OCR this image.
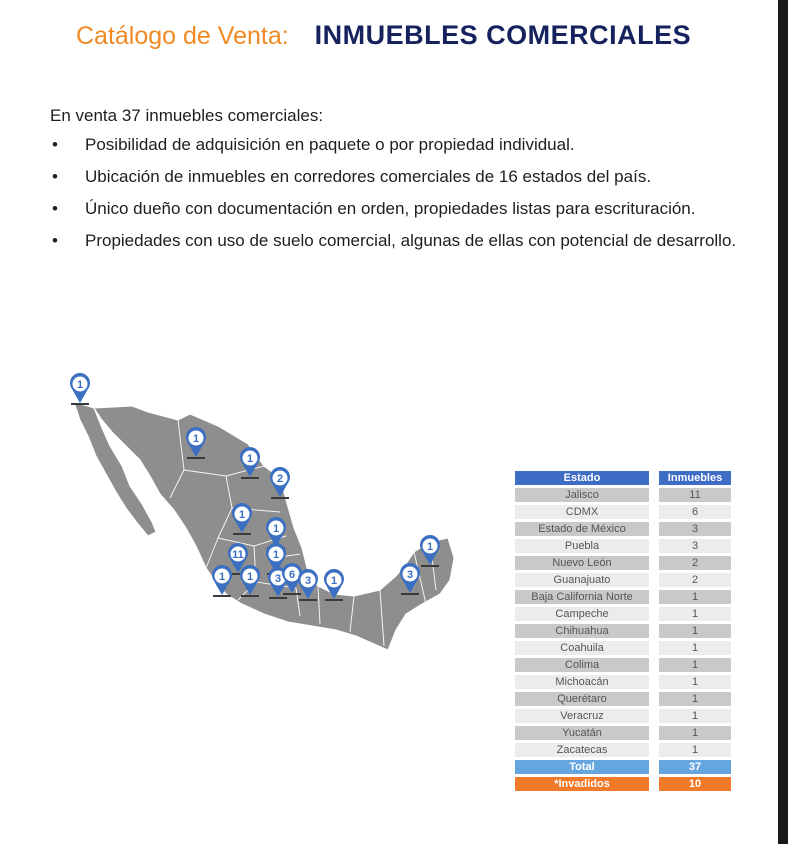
Catálogo de Venta: INMUEBLES COMERCIALES
En venta 37 inmuebles comerciales:
• Posibilidad de adquisición en paquete o por propiedad individual.
• Ubicación de inmuebles en corredores comerciales de 16 estados del país.
• Único dueño con documentación en orden, propiedades listas para escrituración.
• Propiedades con uso de suelo comercial, algunas de ellas con potencial de desarrollo.
1
1
1
2
1
1
11	1
1 1 3 6 3 1	3
1
Estado		Inmuebles
Jalisco		11
CDMX		6
Estado de México		3
Puebla		3
Nuevo León		2
Guanajuato		2
Baja California Norte		1
Campeche		1
Chihuahua		1
Coahuila		1
Colima		1
Michoacán		1
Querétaro		1
Veracruz		1
Yucatán		1
Zacatecas		1
Total		37
*Invadidos		10
